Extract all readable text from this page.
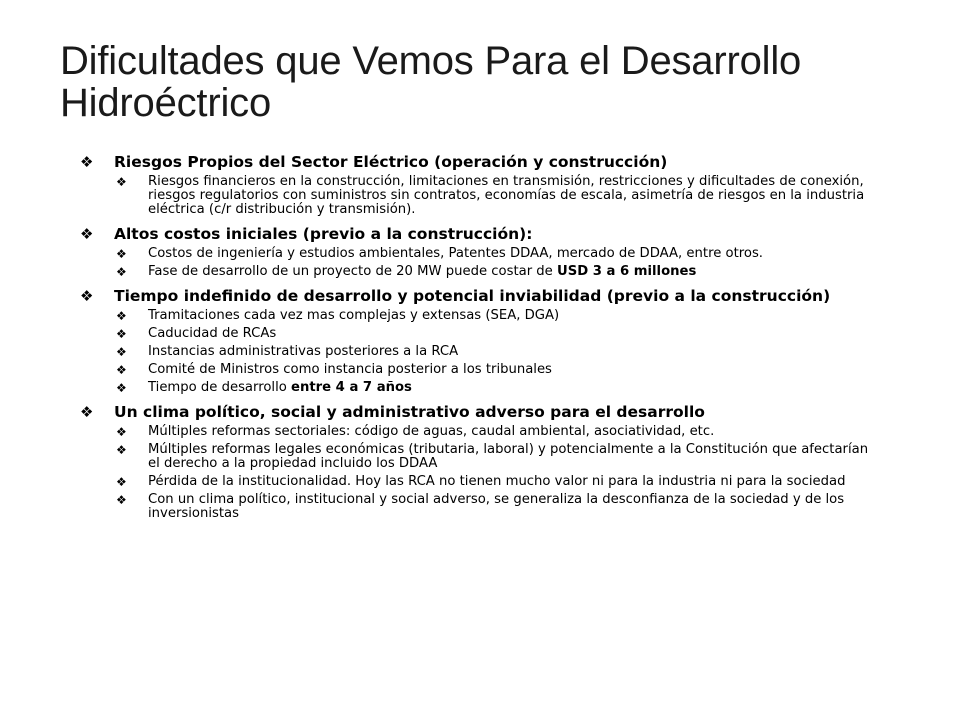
Dificultades que Vemos Para el Desarrollo Hidroéctrico
❖	Riesgos Propios del Sector Eléctrico (operación y construcción)
❖	Riesgos financieros en la construcción, limitaciones en transmisión, restricciones y dificultades de conexión, riesgos regulatorios con suministros sin contratos, economías de escala, asimetría de riesgos en la industria eléctrica (c/r distribución y transmisión).
❖	Altos costos iniciales (previo a la construcción):
❖	Costos de ingeniería y estudios ambientales, Patentes DDAA, mercado de DDAA, entre otros.
❖	Fase de desarrollo de un proyecto de 20 MW puede costar de USD 3 a 6 millones
❖	Tiempo indefinido de desarrollo y potencial inviabilidad (previo a la construcción)
❖	Tramitaciones cada vez mas complejas y extensas (SEA, DGA)
❖	Caducidad de RCAs
❖	Instancias administrativas posteriores a la RCA
❖	Comité de Ministros como instancia posterior a los tribunales
❖	Tiempo de desarrollo entre 4 a 7 años
❖	Un clima político, social y administrativo adverso para el desarrollo
❖	Múltiples reformas sectoriales: código de aguas, caudal ambiental, asociatividad, etc.
❖	Múltiples reformas legales económicas (tributaria, laboral) y potencialmente a la Constitución que afectarían el derecho a la propiedad incluido los DDAA
❖	Pérdida de la institucionalidad. Hoy las RCA no tienen mucho valor ni para la industria ni para la sociedad
❖	Con un clima político, institucional y social adverso, se generaliza la desconfianza de la sociedad y de los inversionistas
